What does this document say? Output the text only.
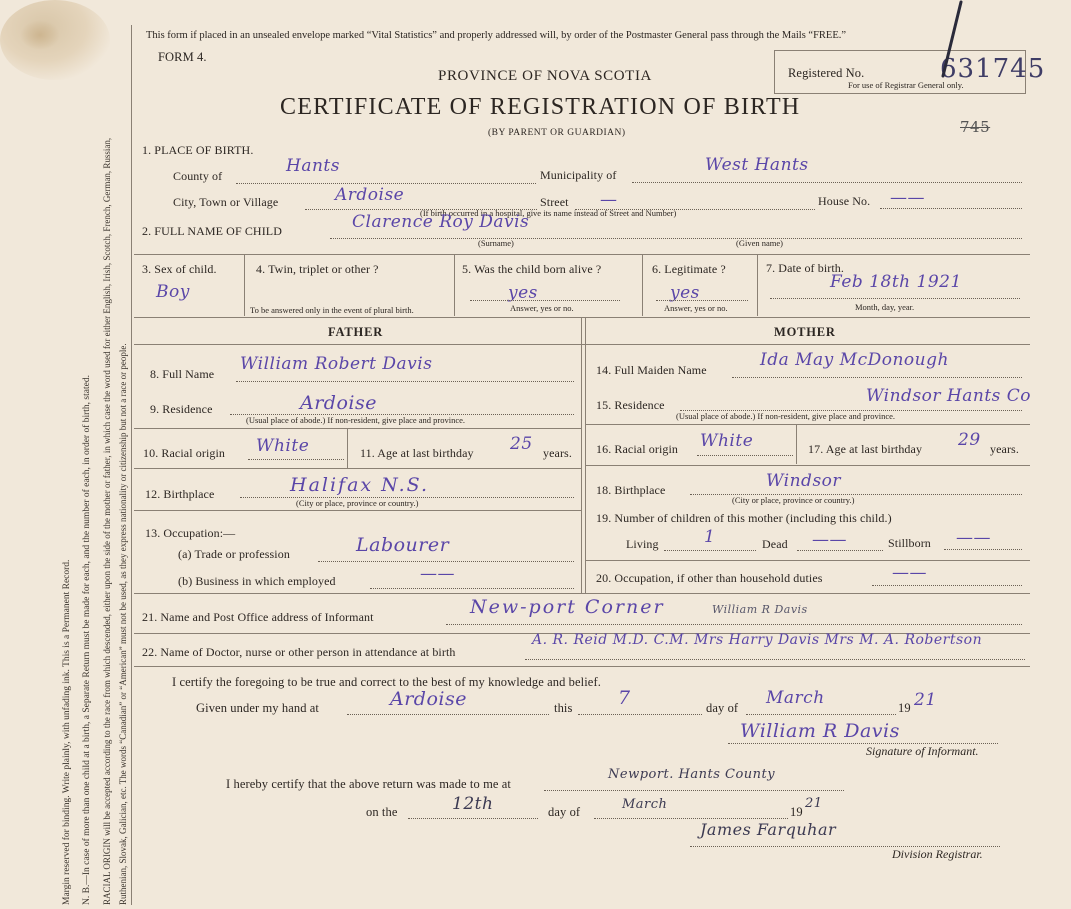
Margin reserved for binding. Write plainly, with unfading ink. This is a Permanent Record. N. B.—In case of more than one child at a birth, a Separate Return must be made for each, and the number of each, in order of birth, stated. RACIAL ORIGIN will be accepted according to the race from which descended, either upon the side of the mother or father, in which case the word used for either English, Irish, Scotch, French, German, Russian, Ruthenian, Slovak, Galician, etc. The words “Canadian” or “American” must not be used, as they express nationality or citizenship but not a race or people.
This form if placed in an unsealed envelope marked “Vital Statistics” and properly addressed will, by order of the Postmaster General pass through the Mails “FREE.”
FORM 4.
PROVINCE OF NOVA SCOTIA
CERTIFICATE OF REGISTRATION OF BIRTH
(BY PARENT OR GUARDIAN)	745
Registered No.	631745
For use of Registrar General only.
1. PLACE OF BIRTH.
County of	Hants	Municipality of	West Hants
City, Town or Village	Ardoise	Street —	House No. ——
(If birth occurred in a hospital, give its name instead of Street and Number)
2. FULL NAME OF CHILD	Clarence Roy Davis
(Surname)	(Given name)
3. Sex of child.
Boy
4. Twin, triplet or other ?
To be answered only in the event of plural birth.
5. Was the child born alive ?
yes
Answer, yes or no.
6. Legitimate ?
yes
Answer, yes or no.
7. Date of birth.
Feb 18th 1921
Month, day, year.
FATHER	MOTHER
8. Full Name William Robert Davis
9. Residence	Ardoise
(Usual place of abode.) If non-resident, give place and province.
10. Racial origin White	11. Age at last birthday 25 years.
12. Birthplace	Halifax N.S.
(City or place, province or country.)
13. Occupation:—
(a) Trade or profession	Labourer
(b) Business in which employed	——
14. Full Maiden Name	Ida May McDonough
15. Residence	Windsor Hants Co
(Usual place of abode.) If non-resident, give place and province.
16. Racial origin White	17. Age at last birthday 29 years.
18. Birthplace	Windsor
(City or place, province or country.)
19. Number of children of this mother (including this child.)
Living	1	Dead ——	Stillborn ——
20. Occupation, if other than household duties	——
21. Name and Post Office address of Informant	New-port Corner	William R Davis
22. Name of Doctor, nurse or other person in attendance at birth
A. R. Reid M.D. C.M. Mrs Harry Davis Mrs M. A. Robertson
I certify the foregoing to be true and correct to the best of my knowledge and belief.
Given under my hand at	Ardoise	this 7	day of March	19 21
William R Davis
Signature of Informant.
I hereby certify that the above return was made to me at
Newport. Hants County
on the	12th	day of	March	19
21
James Farquhar
Division Registrar.
